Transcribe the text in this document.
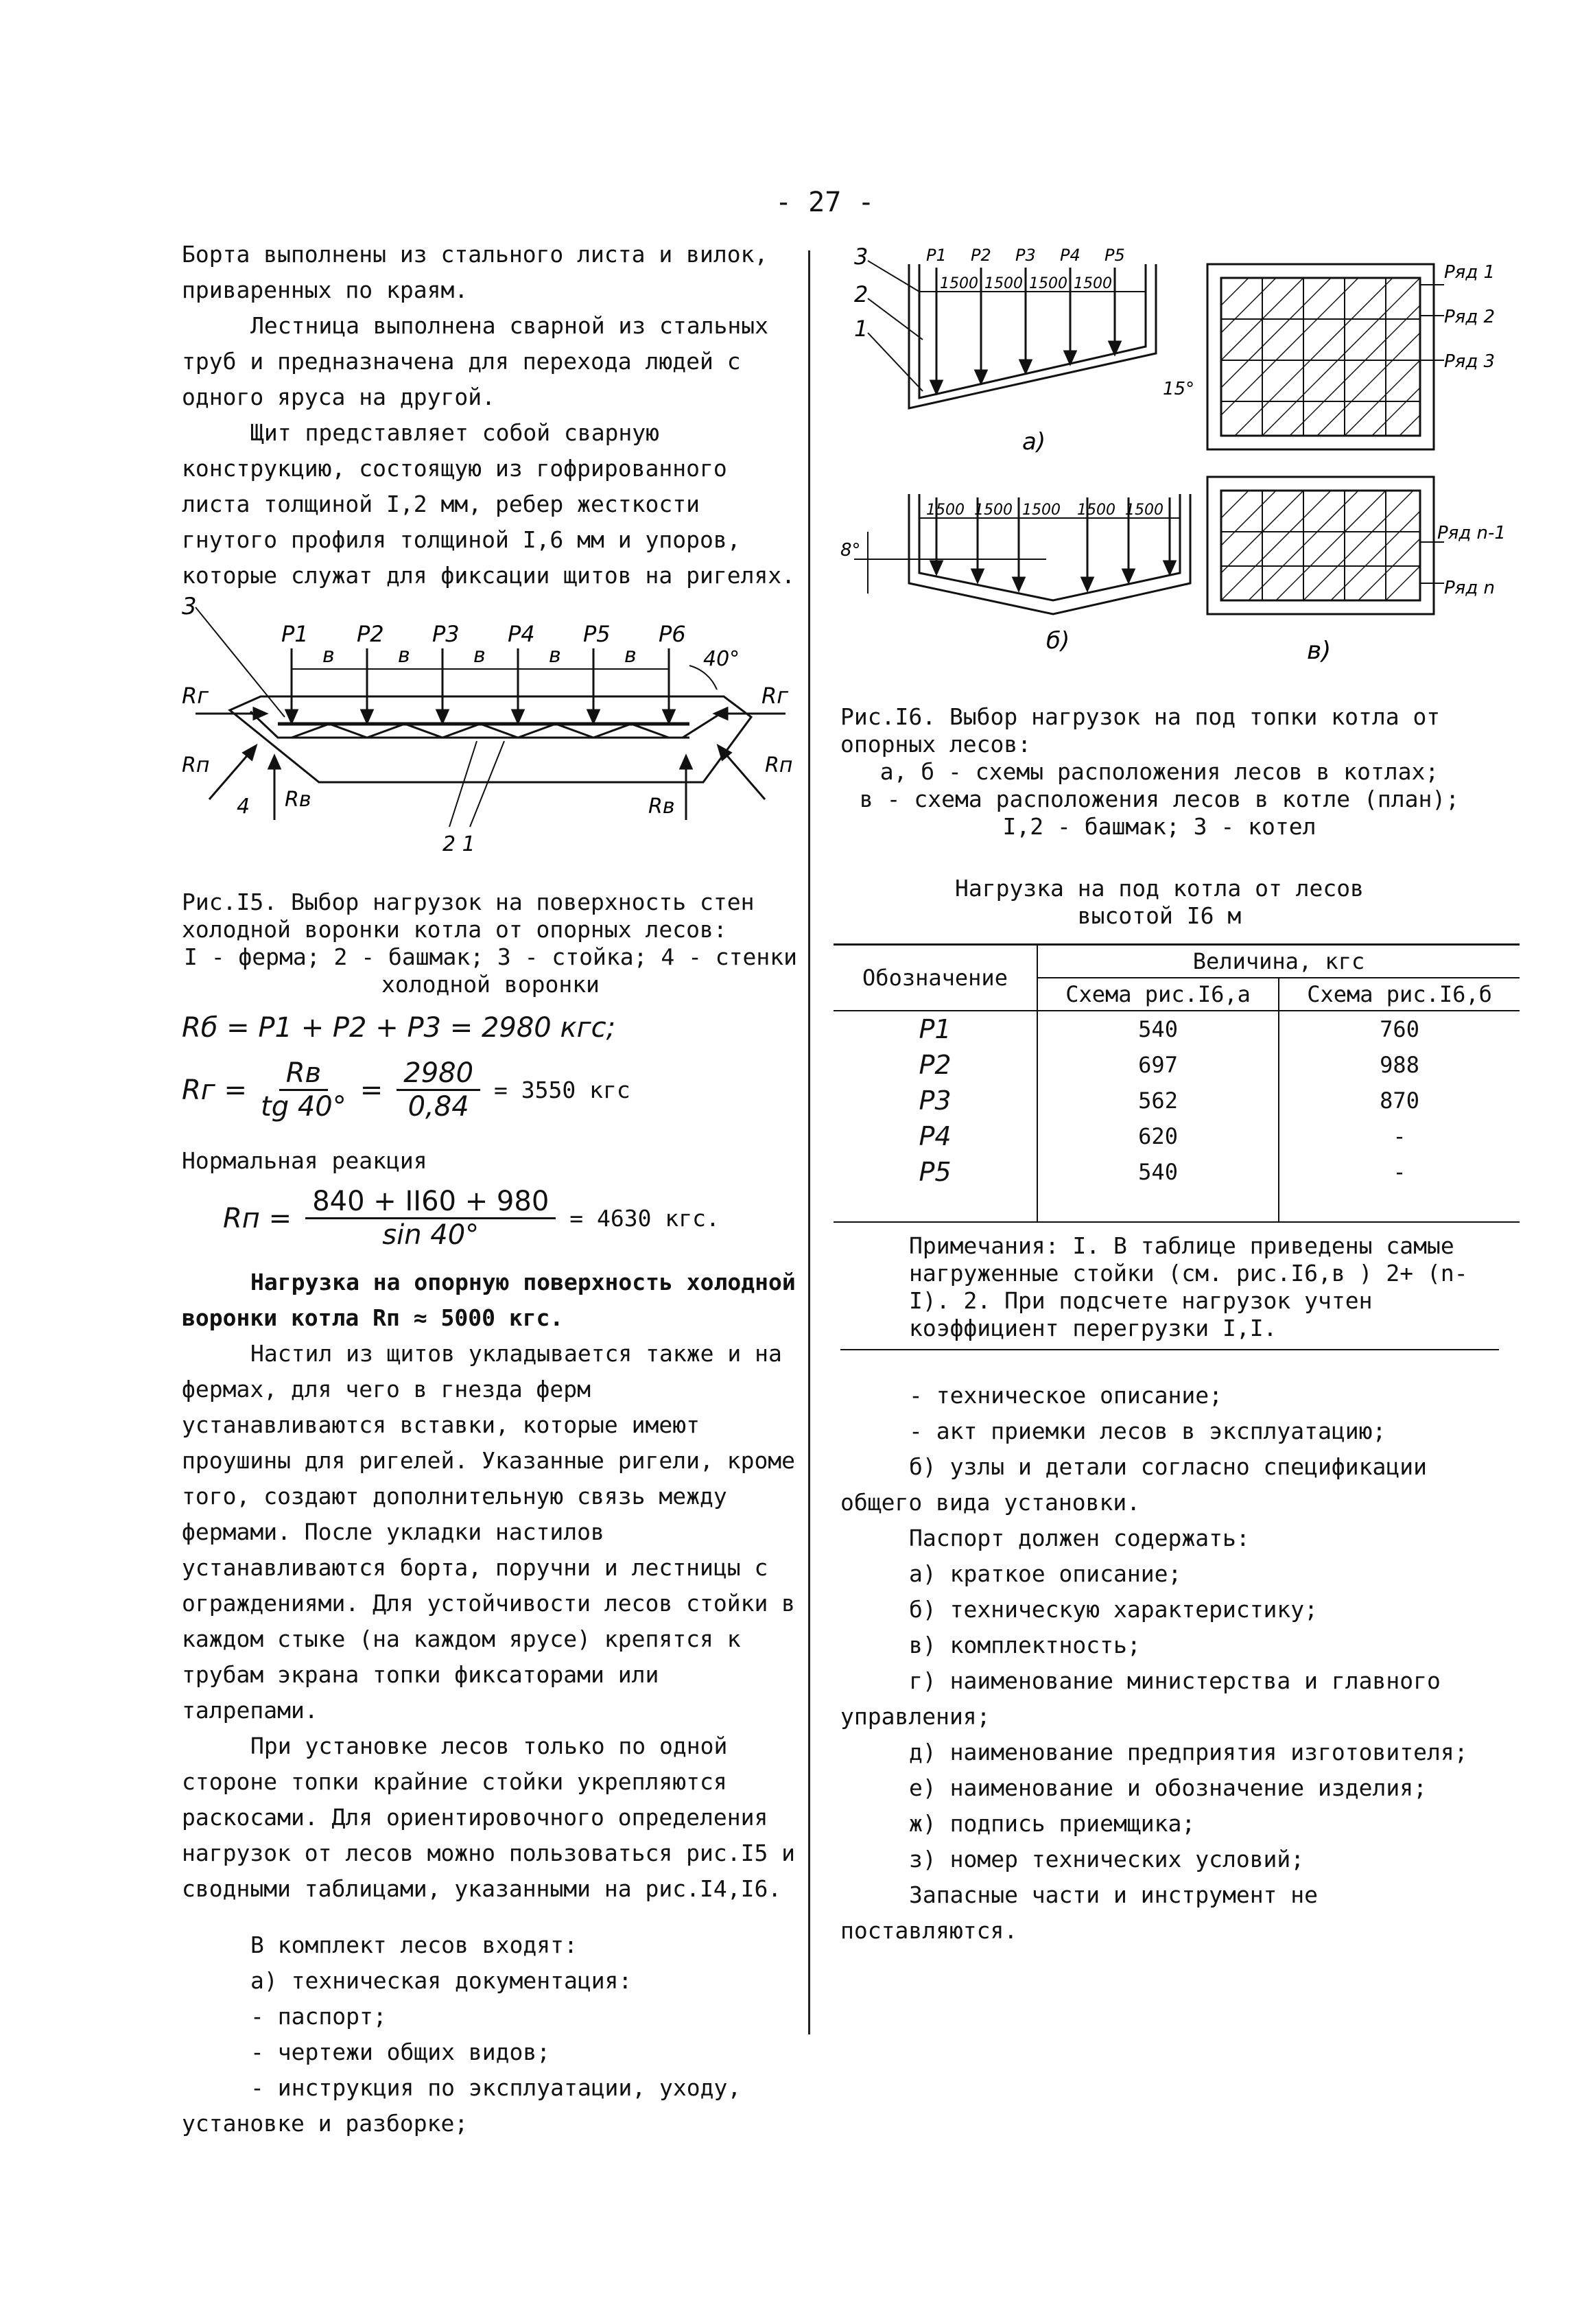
- 27 -

Борта выполнены из стального листа и вилок, приваренных по краям.

Лестница выполнена сварной из стальных труб и предназначена для перехода людей с одного яруса на другой.

Щит представляет собой сварную конструкцию, состоящую из гофрированного листа толщиной I,2 мм, ребер жесткости гнутого профиля толщиной I,6 мм и упоров, которые служат для фиксации щитов на ригелях.

3
P1 P2 P3 P4 P5 P6
в	в	в	в	в	40°
Rг	Rг
Rп	Rп
Rв	Rв
4
2 1
Рис.I5. Выбор нагрузок на поверхность стен холодной воронки котла от опорных лесов:
I - ферма; 2 - башмак; 3 - стойка; 4 - стенки холодной воронки
Rб = P1 + P2 + P3 = 2980 кгс;
Rг =
Rв
tg 40°
= $\frac{2980}{0,84} = 3550$ кгс

Нормальная реакция

Rп = $\frac{840 + II60 + 980}{\sin 40^\circ} = 4630$ кгс.

Нагрузка на опорную поверхность холодной воронки котла Rп ≈ 5000 кгс.

Настил из щитов укладывается также и на фермах, для чего в гнезда ферм устанавливаются вставки, которые имеют проушины для ригелей. Указанные ригели, кроме того, создают дополнительную связь между фермами. После укладки настилов устанавливаются борта, поручни и лестницы с ограждениями. Для устойчивости лесов стойки в каждом стыке (на каждом ярусе) крепятся к трубам экрана топки фиксаторами или талрепами.

При установке лесов только по одной стороне топки крайние стойки укрепляются раскосами. Для ориентировочного определения нагрузок от лесов можно пользоваться рис.I5 и сводными таблицами, указанными на рис.I4,I6.

В комплект лесов входят:

а) техническая документация:

- паспорт;

- чертежи общих видов;

- инструкция по эксплуатации, уходу, установке и разборке;

3
2
1
1500 1500 1500 1500
1500 1500 1500 1500 1500
15°
8°
а)
б)	в)
Ряд 1
Ряд 2
Ряд 3
Ряд n-1
Ряд n
P1 P2 P3 P4 P5
Рис.I6. Выбор нагрузок на под топки котла от опорных лесов:
а, б - схемы расположения лесов в котлах;
в - схема расположения лесов в котле (план);
I,2 - башмак; 3 - котел
Нагрузка на под котла от лесов
высотой I6 м
Обозначение	Величина, кгс	
	Схема рис.I6,а	Схема рис.I6,б
P1	540	760
P2	697	988
P3	562	870
P4	620	-
P5	540	-
Примечания: I. В таблице приведены самые нагруженные стойки (см. рис.I6,в ) 2+ (n-I). 2. При подсчете нагрузок учтен коэффициент перегрузки I,I.

- техническое описание;

- акт приемки лесов в эксплуатацию;

б) узлы и детали согласно спецификации общего вида установки.

Паспорт должен содержать:

а) краткое описание;

б) техническую характеристику;

в) комплектность;

г) наименование министерства и главного управления;

д) наименование предприятия изготовителя;

е) наименование и обозначение изделия;

ж) подпись приемщика;

з) номер технических условий;

Запасные части и инструмент не поставляются.
